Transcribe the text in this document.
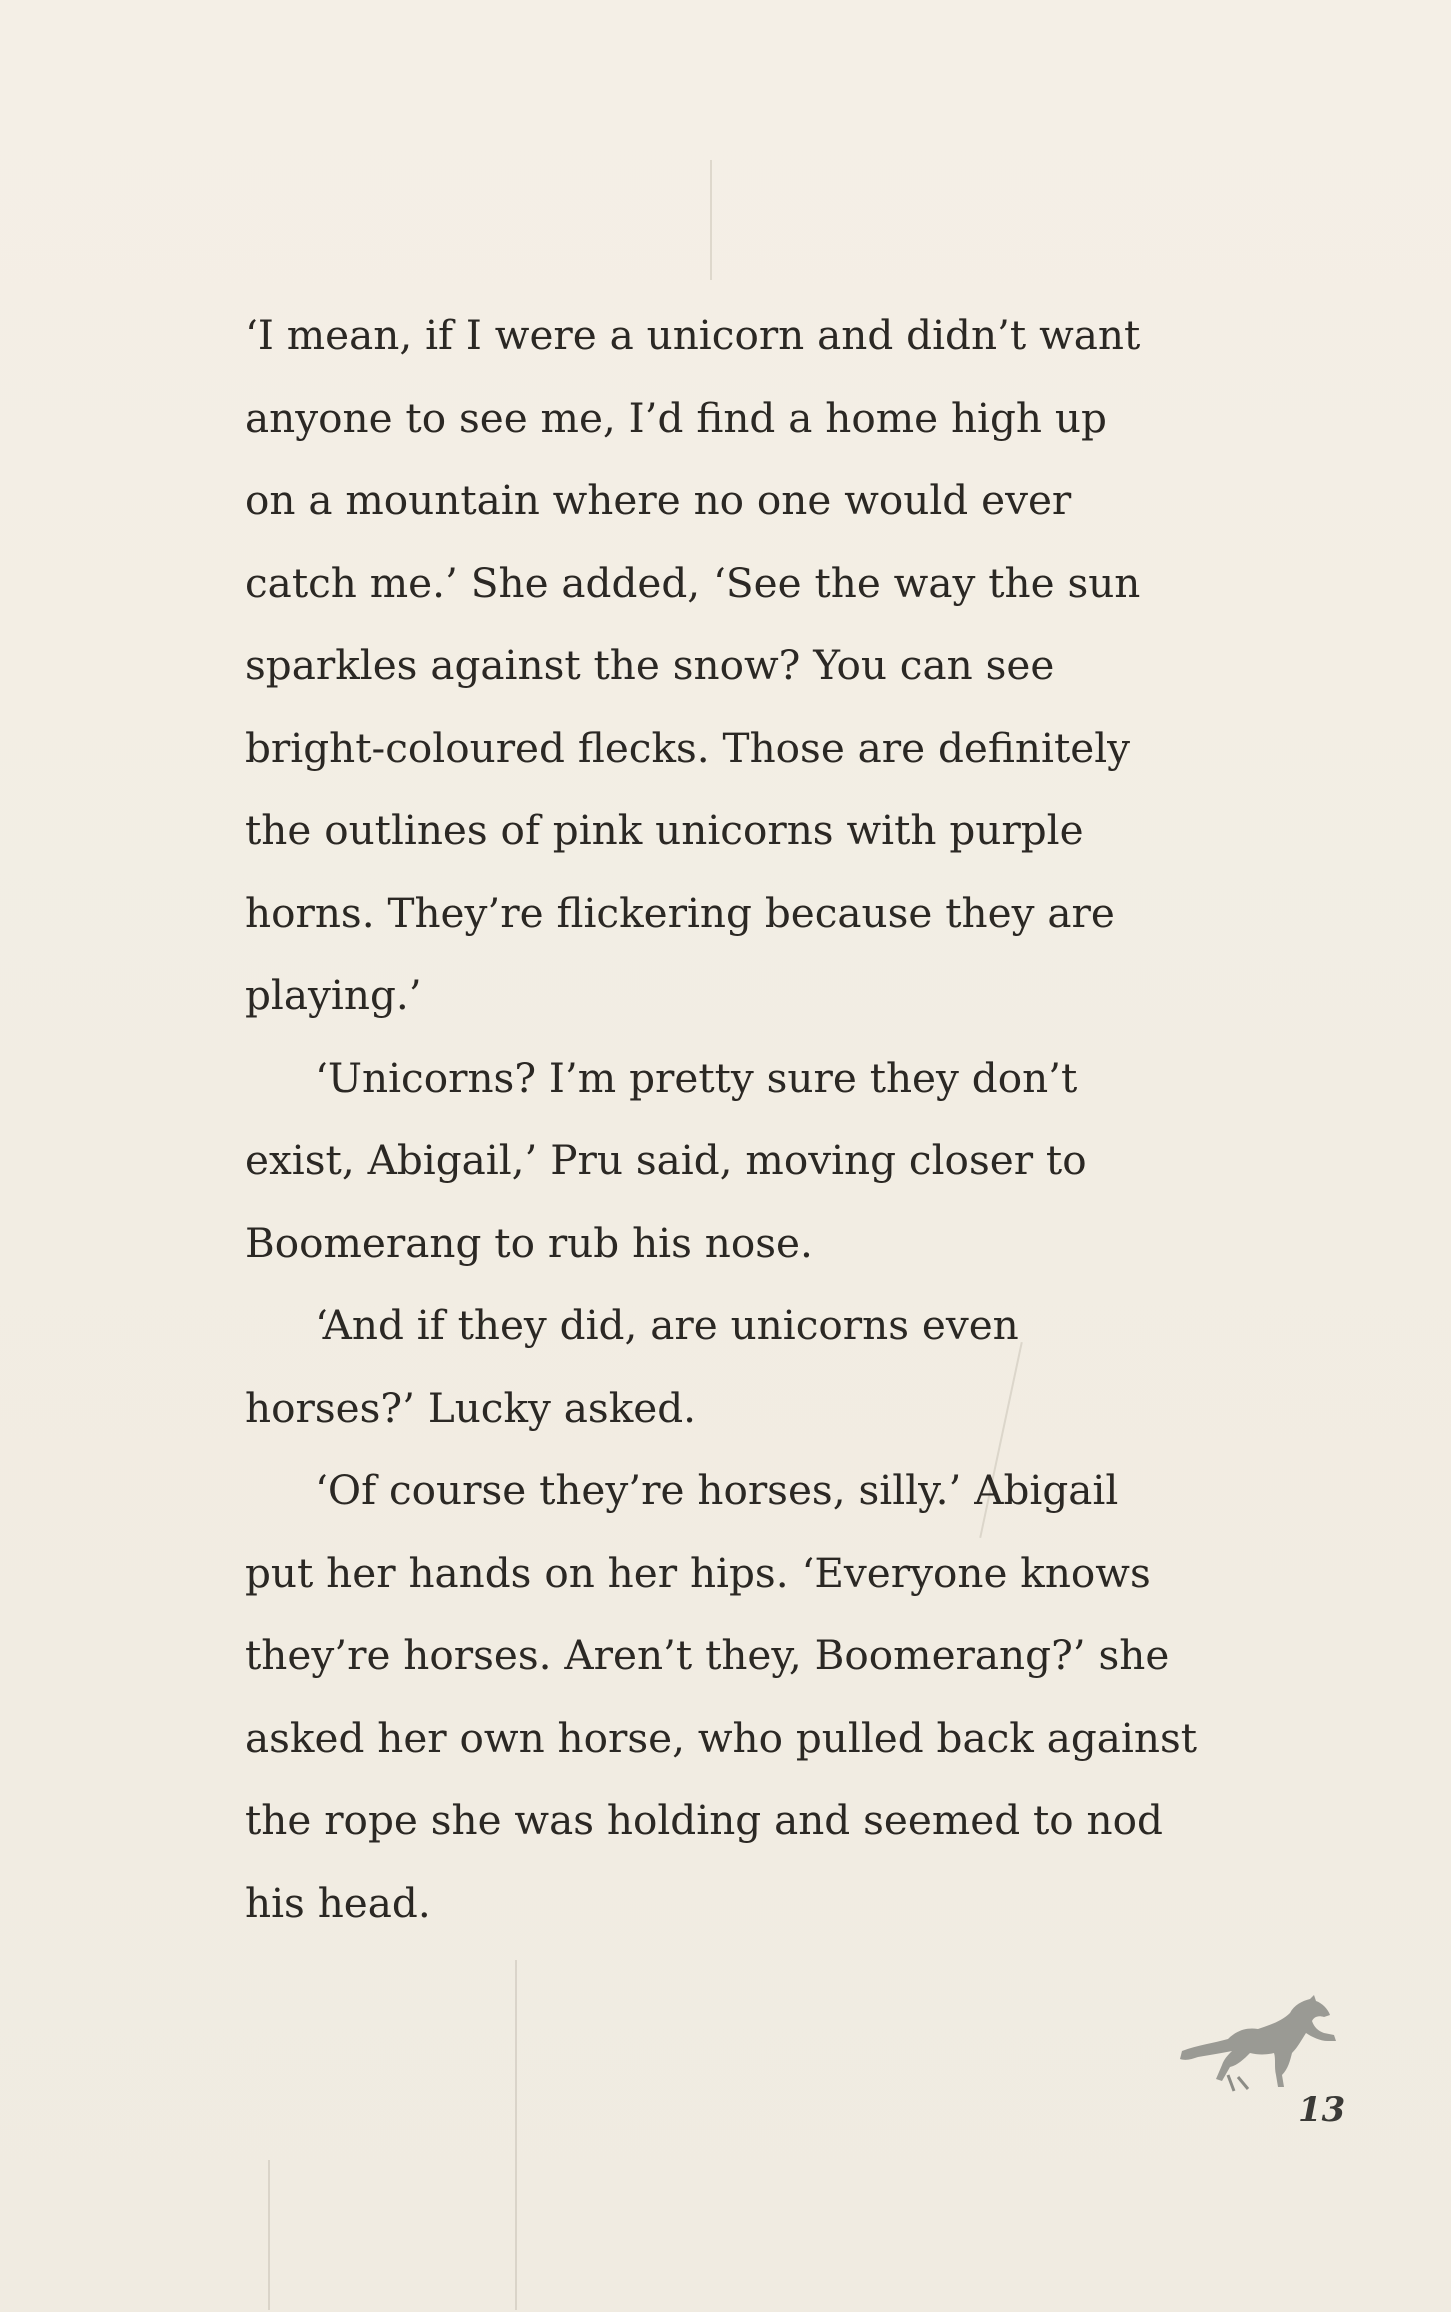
‘I mean, if I were a unicorn and didn’t want
anyone to see me, I’d find a home high up
on a mountain where no one would ever
catch me.’ She added, ‘See the way the sun
sparkles against the snow? You can see
bright-coloured flecks. Those are definitely
the outlines of pink unicorns with purple
horns. They’re flickering because they are
playing.’
‘Unicorns? I’m pretty sure they don’t
exist, Abigail,’ Pru said, moving closer to
Boomerang to rub his nose.
‘And if they did, are unicorns even
horses?’ Lucky asked.
‘Of course they’re horses, silly.’ Abigail
put her hands on her hips. ‘Everyone knows
they’re horses. Aren’t they, Boomerang?’ she
asked her own horse, who pulled back against
the rope she was holding and seemed to nod
his head.
13
